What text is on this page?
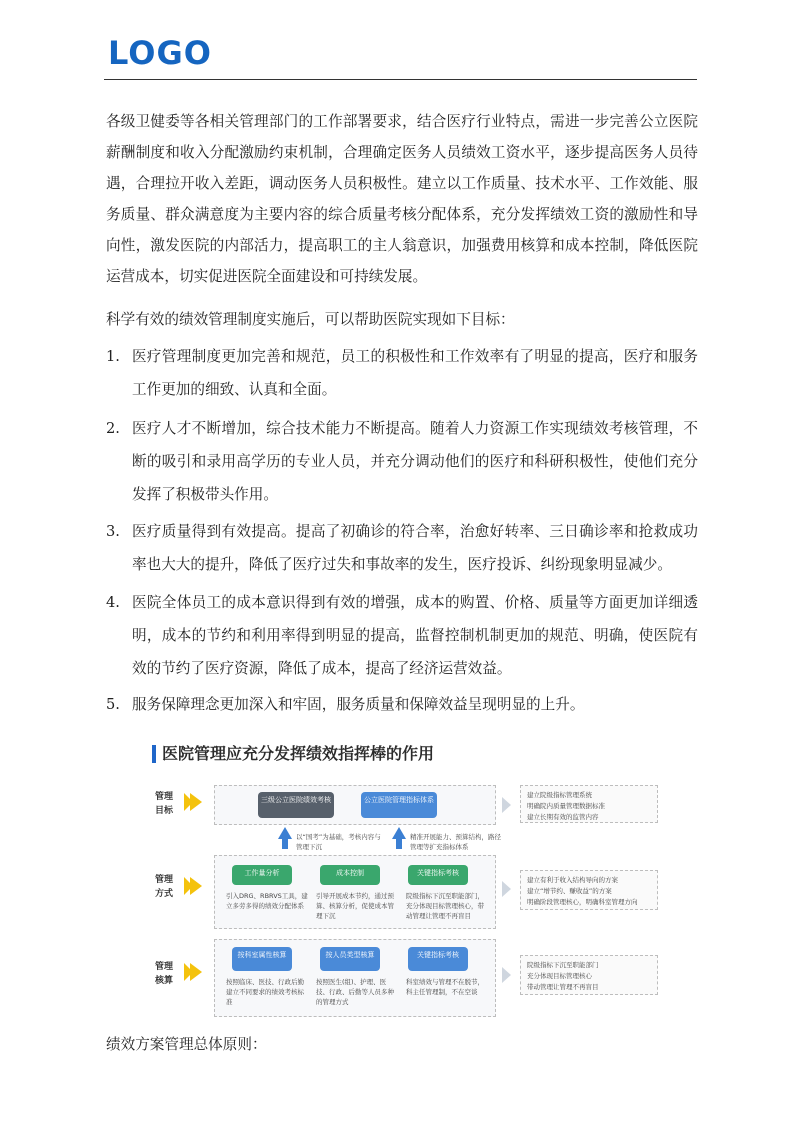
LOGO

各级卫健委等各相关管理部门的工作部署要求，结合医疗行业特点，需进一步完善公立医院薪酬制度和收入分配激励约束机制，合理确定医务人员绩效工资水平，逐步提高医务人员待遇，合理拉开收入差距，调动医务人员积极性。建立以工作质量、技术水平、工作效能、服务质量、群众满意度为主要内容的综合质量考核分配体系，充分发挥绩效工资的激励性和导向性，激发医院的内部活力，提高职工的主人翁意识，加强费用核算和成本控制，降低医院运营成本，切实促进医院全面建设和可持续发展。

科学有效的绩效管理制度实施后，可以帮助医院实现如下目标：

1. 医疗管理制度更加完善和规范，员工的积极性和工作效率有了明显的提高，医疗和服务工作更加的细致、认真和全面。
2. 医疗人才不断增加，综合技术能力不断提高。随着人力资源工作实现绩效考核管理，不断的吸引和录用高学历的专业人员，并充分调动他们的医疗和科研积极性，使他们充分发挥了积极带头作用。
3. 医疗质量得到有效提高。提高了初确诊的符合率，治愈好转率、三日确诊率和抢救成功率也大大的提升，降低了医疗过失和事故率的发生，医疗投诉、纠纷现象明显减少。
4. 医院全体员工的成本意识得到有效的增强，成本的购置、价格、质量等方面更加详细透明，成本的节约和利用率得到明显的提高，监督控制机制更加的规范、明确，使医院有效的节约了医疗资源，降低了成本，提高了经济运营效益。
5. 服务保障理念更加深入和牢固，服务质量和保障效益呈现明显的上升。
医院管理应充分发挥绩效指挥棒的作用
管理目标
三级公立医院绩效考核	公立医院管理指标体系
建立院级指标管理系统
明确院内质量管理数据标准
建立长期有效的监管内容
以“国考”为基础，考核内容与管理下沉
精准开展能力、预算结构，路径管理等扩充指标体系
管理方式
工作量分析	成本控制	关键指标考核
引入DRG、RBRVS工具，建立多劳多得的绩效分配体系
引导开展成本节约，通过预算、核算分析，促使成本管理下沉
院级指标下沉至职能部门，充分体现目标管理核心，带动管理让管理不再盲目
建立有利于收入结构导向的方案
建立“增节约、赚收益”的方案
明确阶段管理核心，明确科室管理方向
管理核算
按科室属性核算	按人员类型核算	关键指标考核
按照临床、医技、行政后勤建立不同要求的绩效考核标准
按照医生(组)、护理、医技、行政、后勤等人员多种的管理方式
科室绩效与管理不在脱节，科主任管理制，不在空谈
院级指标下沉至职能部门
充分体现目标管理核心
带动管理让管理不再盲目
绩效方案管理总体原则：
